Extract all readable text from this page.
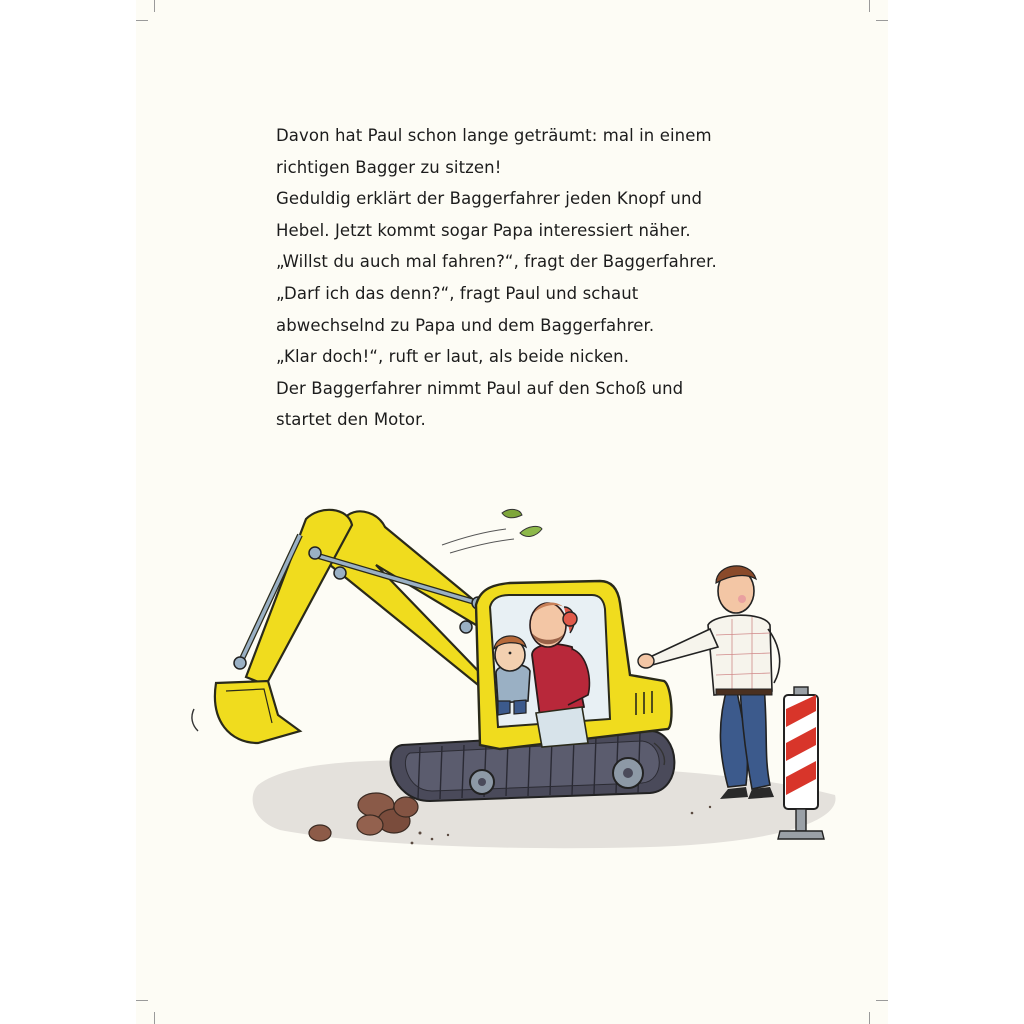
Davon hat Paul schon lange geträumt: mal in einem
richtigen Bagger zu sitzen!
Geduldig erklärt der Baggerfahrer jeden Knopf und
Hebel. Jetzt kommt sogar Papa interessiert näher.
„Willst du auch mal fahren?“, fragt der Baggerfahrer.
„Darf ich das denn?“, fragt Paul und schaut
abwechselnd zu Papa und dem Baggerfahrer.
„Klar doch!“, ruft er laut, als beide nicken.
Der Baggerfahrer nimmt Paul auf den Schoß und
startet den Motor.
